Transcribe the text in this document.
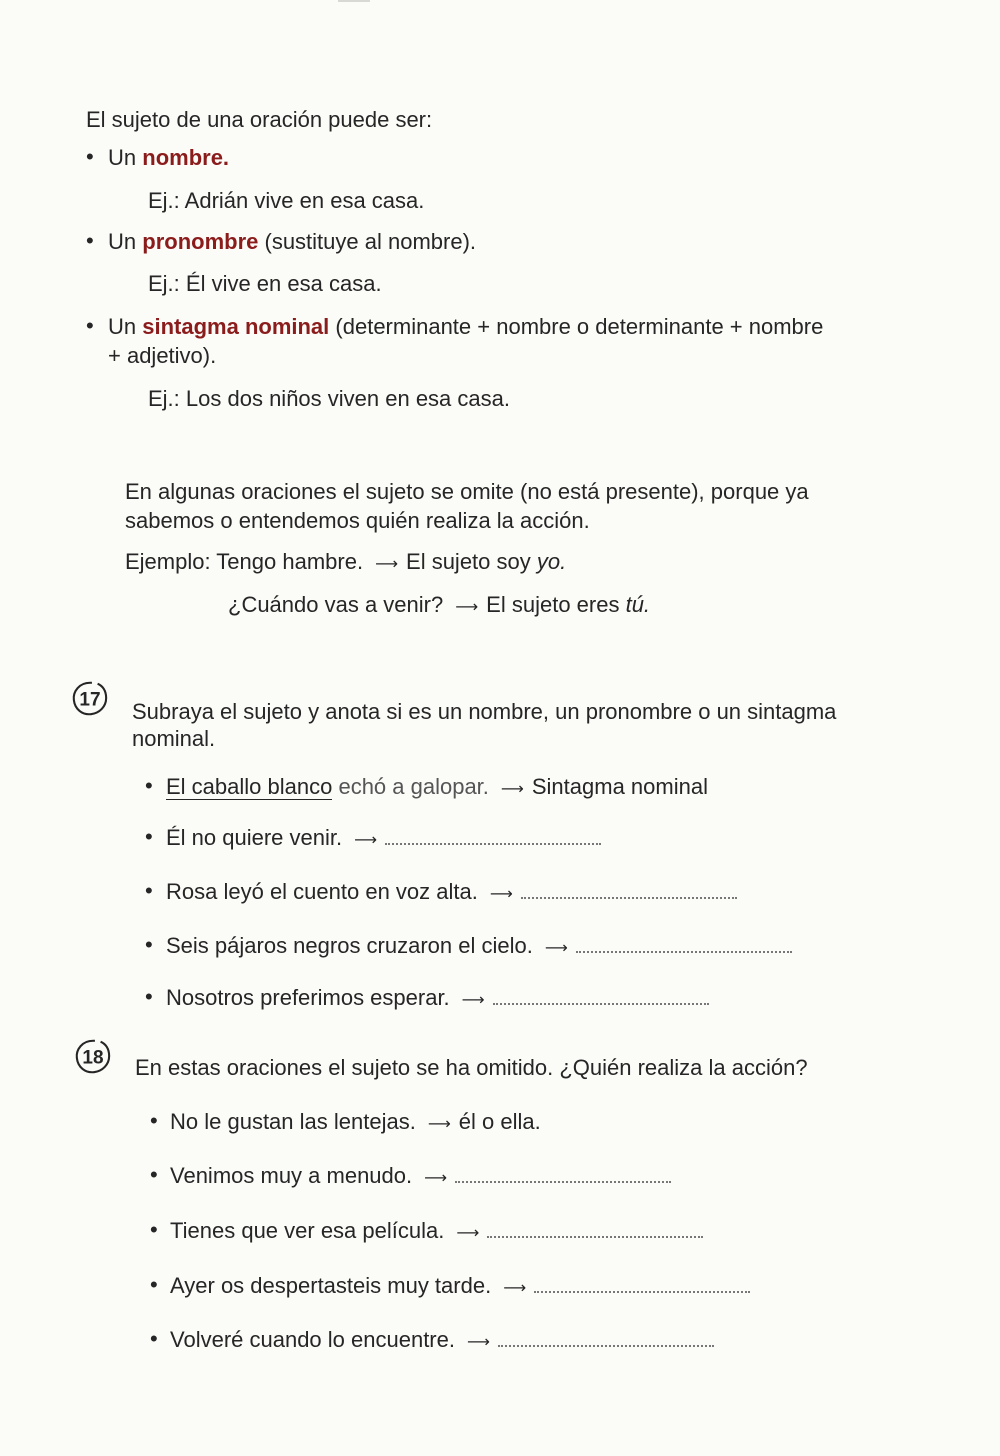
El sujeto de una oración puede ser:
• Un nombre.
Ej.: Adrián vive en esa casa.
• Un pronombre (sustituye al nombre).
Ej.: Él vive en esa casa.
• Un sintagma nominal (determinante + nombre o determinante + nombre
+ adjetivo).
Ej.: Los dos niños viven en esa casa.
En algunas oraciones el sujeto se omite (no está presente), porque ya
sabemos o entendemos quién realiza la acción.
Ejemplo: Tengo hambre. ⟶ El sujeto soy yo.
¿Cuándo vas a venir? ⟶ El sujeto eres tú.
17 Subraya el sujeto y anota si es un nombre, un pronombre o un sintagma
nominal.
• El caballo blanco echó a galopar. ⟶ Sintagma nominal
• Él no quiere venir. ⟶
• Rosa leyó el cuento en voz alta. ⟶
• Seis pájaros negros cruzaron el cielo. ⟶
• Nosotros preferimos esperar. ⟶
18 En estas oraciones el sujeto se ha omitido. ¿Quién realiza la acción?
• No le gustan las lentejas. ⟶ él o ella.
• Venimos muy a menudo. ⟶
• Tienes que ver esa película. ⟶
• Ayer os despertasteis muy tarde. ⟶
• Volveré cuando lo encuentre. ⟶
